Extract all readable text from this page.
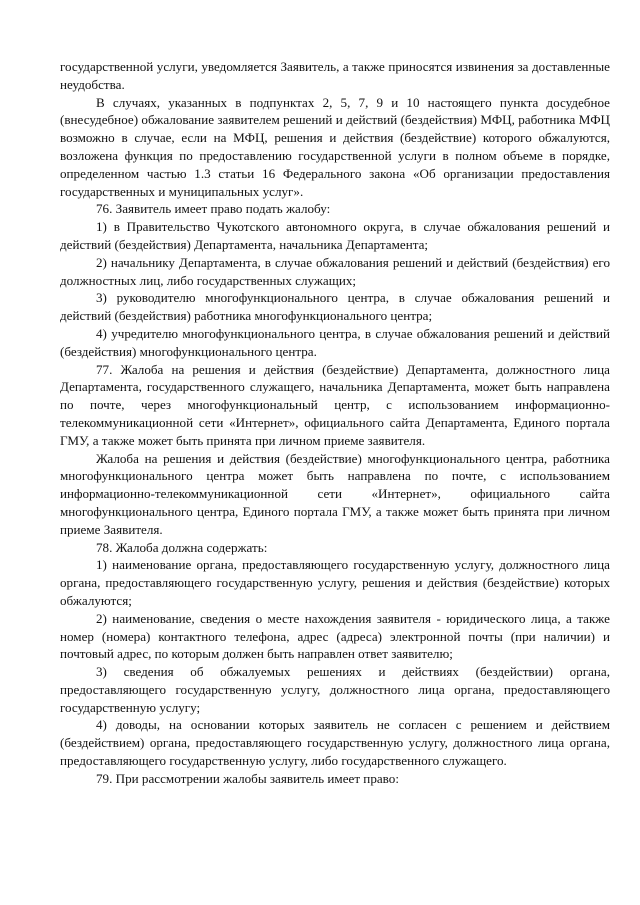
государственной услуги, уведомляется Заявитель, а также приносятся извинения за доставленные неудобства.

В случаях, указанных в подпунктах 2, 5, 7, 9 и 10 настоящего пункта досудебное (внесудебное) обжалование заявителем решений и действий (бездействия) МФЦ, работника МФЦ возможно в случае, если на МФЦ, решения и действия (бездействие) которого обжалуются, возложена функция по предоставлению государственной услуги в полном объеме в порядке, определенном частью 1.3 статьи 16 Федерального закона «Об организации предоставления государственных и муниципальных услуг».

76. Заявитель имеет право подать жалобу:

1) в Правительство Чукотского автономного округа, в случае обжалования решений и действий (бездействия) Департамента, начальника Департамента;

2) начальнику Департамента, в случае обжалования решений и действий (бездействия) его должностных лиц, либо государственных служащих;

3) руководителю многофункционального центра, в случае обжалования решений и действий (бездействия) работника многофункционального центра;

4) учредителю многофункционального центра, в случае обжалования решений и действий (бездействия) многофункционального центра.

77. Жалоба на решения и действия (бездействие) Департамента, должностного лица Департамента, государственного служащего, начальника Департамента, может быть направлена по почте, через многофункциональный центр, с использованием информационно-телекоммуникационной сети «Интернет», официального сайта Департамента, Единого портала ГМУ, а также может быть принята при личном приеме заявителя.

Жалоба на решения и действия (бездействие) многофункционального центра, работника многофункционального центра может быть направлена по почте, с использованием информационно-телекоммуникационной сети «Интернет», официального сайта многофункционального центра, Единого портала ГМУ, а также может быть принята при личном приеме Заявителя.

78. Жалоба должна содержать:

1) наименование органа, предоставляющего государственную услугу, должностного лица органа, предоставляющего государственную услугу, решения и действия (бездействие) которых обжалуются;

2) наименование, сведения о месте нахождения заявителя - юридического лица, а также номер (номера) контактного телефона, адрес (адреса) электронной почты (при наличии) и почтовый адрес, по которым должен быть направлен ответ заявителю;

3) сведения об обжалуемых решениях и действиях (бездействии) органа, предоставляющего государственную услугу, должностного лица органа, предоставляющего государственную услугу;

4) доводы, на основании которых заявитель не согласен с решением и действием (бездействием) органа, предоставляющего государственную услугу, должностного лица органа, предоставляющего государственную услугу, либо государственного служащего.

79. При рассмотрении жалобы заявитель имеет право:
